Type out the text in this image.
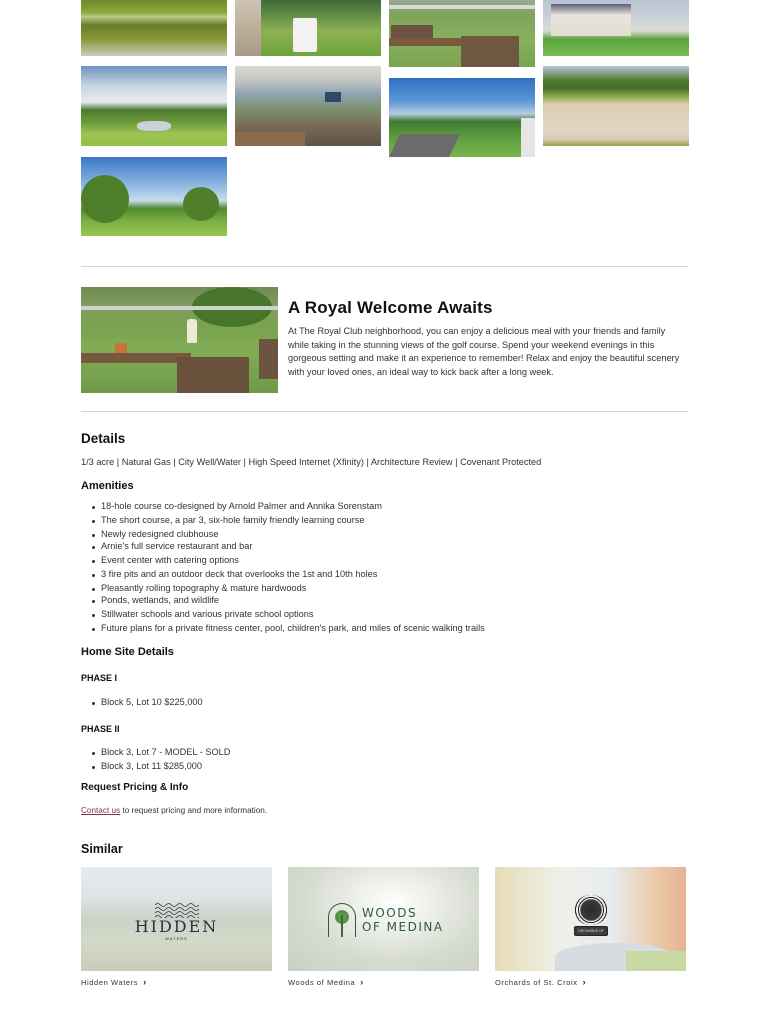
A Royal Welcome Awaits

At The Royal Club neighborhood, you can enjoy a delicious meal with your friends and family while taking in the stunning views of the golf course. Spend your weekend evenings in this gorgeous setting and make it an experience to remember! Relax and enjoy the beautiful scenery with your loved ones, an ideal way to kick back after a long week.

Details

1/3 acre | Natural Gas | City Well/Water | High Speed Internet (Xfinity) | Architecture Review | Covenant Protected

Amenities
18-hole course co-designed by Arnold Palmer and Annika Sorenstam
The short course, a par 3, six-hole family friendly learning course
Newly redesigned clubhouse
Arnie's full service restaurant and bar
Event center with catering options
3 fire pits and an outdoor deck that overlooks the 1st and 10th holes
Pleasantly rolling topography & mature hardwoods
Ponds, wetlands, and wildlife
Stillwater schools and various private school options
Future plans for a private fitness center, pool, children's park, and miles of scenic walking trails
Home Site Details
PHASE I
Block 5, Lot 10 $225,000
PHASE II
Block 3, Lot 7 - MODEL - SOLD
Block 3, Lot 11 $285,000
Request Pricing & Info

Contact us to request pricing and more information.

Similar
HIDDEN
WATERS
Hidden Waters ›
WOODS
OF MEDINA
Woods of Medina ›
ORCHARDS OF SAINT CROIX
Orchards of St. Croix ›
